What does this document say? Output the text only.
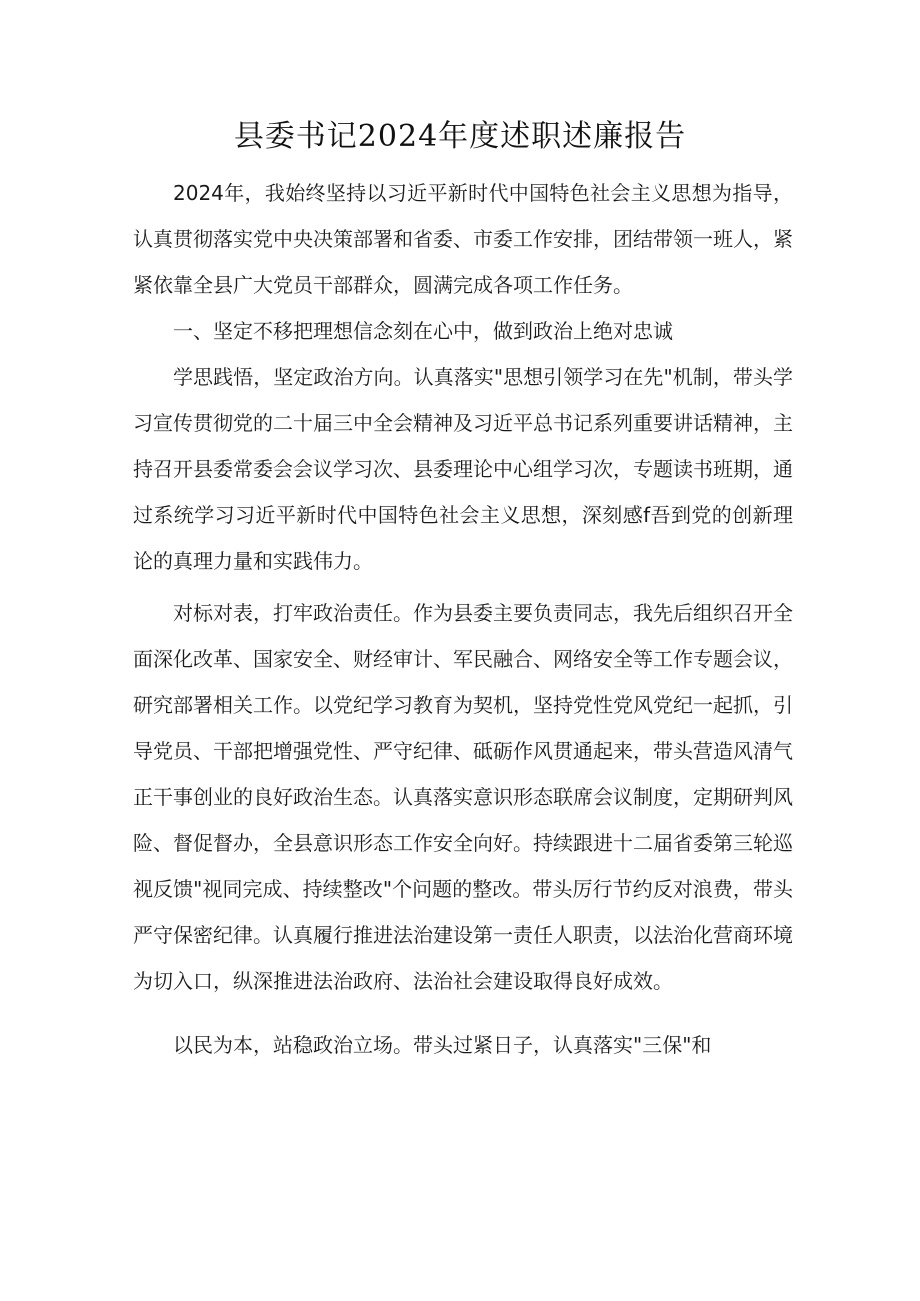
县委书记2024年度述职述廉报告

2024年，我始终坚持以习近平新时代中国特色社会主义思想为指导，认真贯彻落实党中央决策部署和省委、市委工作安排，团结带领一班人，紧紧依靠全县广大党员干部群众，圆满完成各项工作任务。

一、坚定不移把理想信念刻在心中，做到政治上绝对忠诚

学思践悟，坚定政治方向。认真落实"思想引领学习在先"机制，带头学习宣传贯彻党的二十届三中全会精神及习近平总书记系列重要讲话精神，主持召开县委常委会会议学习次、县委理论中心组学习次，专题读书班期，通过系统学习习近平新时代中国特色社会主义思想，深刻感f吾到党的创新理论的真理力量和实践伟力。

对标对表，打牢政治责任。作为县委主要负责同志，我先后组织召开全面深化改革、国家安全、财经审计、军民融合、网络安全等工作专题会议，研究部署相关工作。以党纪学习教育为契机，坚持党性党风党纪一起抓，引导党员、干部把增强党性、严守纪律、砥砺作风贯通起来，带头营造风清气正干事创业的良好政治生态。认真落实意识形态联席会议制度，定期研判风险、督促督办，全县意识形态工作安全向好。持续跟进十二届省委第三轮巡视反馈"视同完成、持续整改"个问题的整改。带头厉行节约反对浪费，带头严守保密纪律。认真履行推进法治建设第一责任人职责，以法治化营商环境为切入口，纵深推进法治政府、法治社会建设取得良好成效。

以民为本，站稳政治立场。带头过紧日子，认真落实"三保"和
